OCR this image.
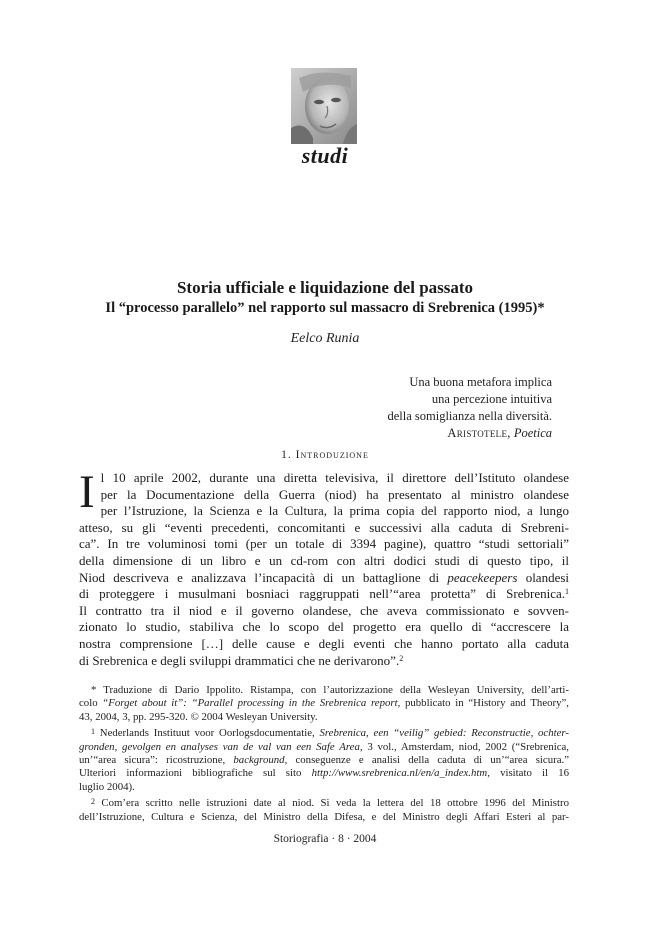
studi
Storia ufficiale e liquidazione del passato
Il “processo parallelo” nel rapporto sul massacro di Srebrenica (1995)*
Eelco Runia
Una buona metafora implica
una percezione intuitiva
della somiglianza nella diversità.
Aristotele, Poetica
1. Introduzione
I l 10 aprile 2002, durante una diretta televisiva, il direttore dell’Istituto olandese
per la Documentazione della Guerra (niod) ha presentato al ministro olandese
per l’Istruzione, la Scienza e la Cultura, la prima copia del rapporto niod, a lungo
atteso, su gli “eventi precedenti, concomitanti e successivi alla caduta di Srebreni-
ca”. In tre voluminosi tomi (per un totale di 3394 pagine), quattro “studi settoriali”
della dimensione di un libro e un cd-rom con altri dodici studi di questo tipo, il
Niod descriveva e analizzava l’incapacità di un battaglione di peacekeepers olandesi
di proteggere i musulmani bosniaci raggruppati nell’“area protetta” di Srebrenica.$^1$
Il contratto tra il niod e il governo olandese, che aveva commissionato e sovven-
zionato lo studio, stabiliva che lo scopo del progetto era quello di “accrescere la
nostra comprensione […] delle cause e degli eventi che hanno portato alla caduta
di Srebrenica e degli sviluppi drammatici che ne derivarono”.$^2$
* Traduzione di Dario Ippolito. Ristampa, con l’autorizzazione della Wesleyan University, dell’arti-
colo “Forget about it”: “Parallel processing in the Srebrenica report, pubblicato in “History and Theory”,
43, 2004, 3, pp. 295-320. © 2004 Wesleyan University.
$^1$ Nederlands Instituut voor Oorlogsdocumentatie, Srebrenica, een “veilig” gebied: Reconstructie, ochter-
gronden, gevolgen en analyses van de val van een Safe Area, 3 vol., Amsterdam, niod, 2002 (“Srebrenica,
un’“area sicura”: ricostruzione, background, conseguenze e analisi della caduta di un’“area sicura.”
Ulteriori informazioni bibliografiche sul sito http://www.srebrenica.nl/en/a_index.htm, visitato il 16
luglio 2004).
$^2$ Com’era scritto nelle istruzioni date al niod. Si veda la lettera del 18 ottobre 1996 del Ministro
dell’Istruzione, Cultura e Scienza, del Ministro della Difesa, e del Ministro degli Affari Esteri al par-
Storiografia · 8 · 2004
